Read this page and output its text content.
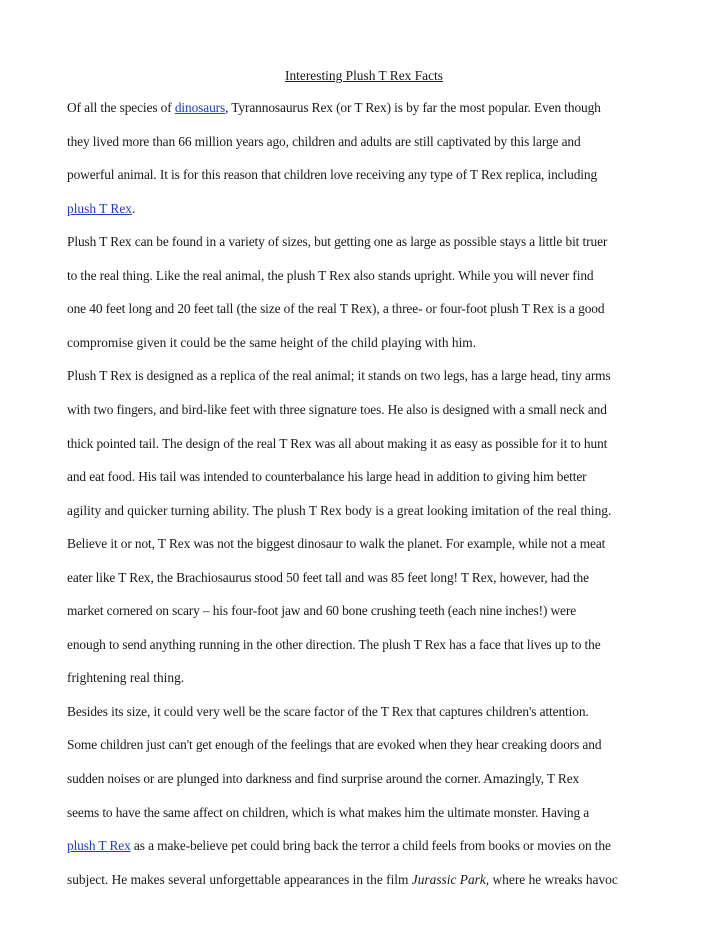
Interesting Plush T Rex Facts

Of all the species of dinosaurs, Tyrannosaurus Rex (or T Rex) is by far the most popular. Even though
they lived more than 66 million years ago, children and adults are still captivated by this large and
powerful animal. It is for this reason that children love receiving any type of T Rex replica, including
plush T Rex.
Plush T Rex can be found in a variety of sizes, but getting one as large as possible stays a little bit truer
to the real thing. Like the real animal, the plush T Rex also stands upright. While you will never find
one 40 feet long and 20 feet tall (the size of the real T Rex), a three- or four-foot plush T Rex is a good
compromise given it could be the same height of the child playing with him.
Plush T Rex is designed as a replica of the real animal; it stands on two legs, has a large head, tiny arms
with two fingers, and bird-like feet with three signature toes. He also is designed with a small neck and
thick pointed tail. The design of the real T Rex was all about making it as easy as possible for it to hunt
and eat food. His tail was intended to counterbalance his large head in addition to giving him better
agility and quicker turning ability. The plush T Rex body is a great looking imitation of the real thing.
Believe it or not, T Rex was not the biggest dinosaur to walk the planet. For example, while not a meat
eater like T Rex, the Brachiosaurus stood 50 feet tall and was 85 feet long! T Rex, however, had the
market cornered on scary – his four-foot jaw and 60 bone crushing teeth (each nine inches!) were
enough to send anything running in the other direction. The plush T Rex has a face that lives up to the
frightening real thing.
Besides its size, it could very well be the scare factor of the T Rex that captures children's attention.
Some children just can't get enough of the feelings that are evoked when they hear creaking doors and
sudden noises or are plunged into darkness and find surprise around the corner. Amazingly, T Rex
seems to have the same affect on children, which is what makes him the ultimate monster. Having a
plush T Rex as a make-believe pet could bring back the terror a child feels from books or movies on the
subject. He makes several unforgettable appearances in the film Jurassic Park, where he wreaks havoc
